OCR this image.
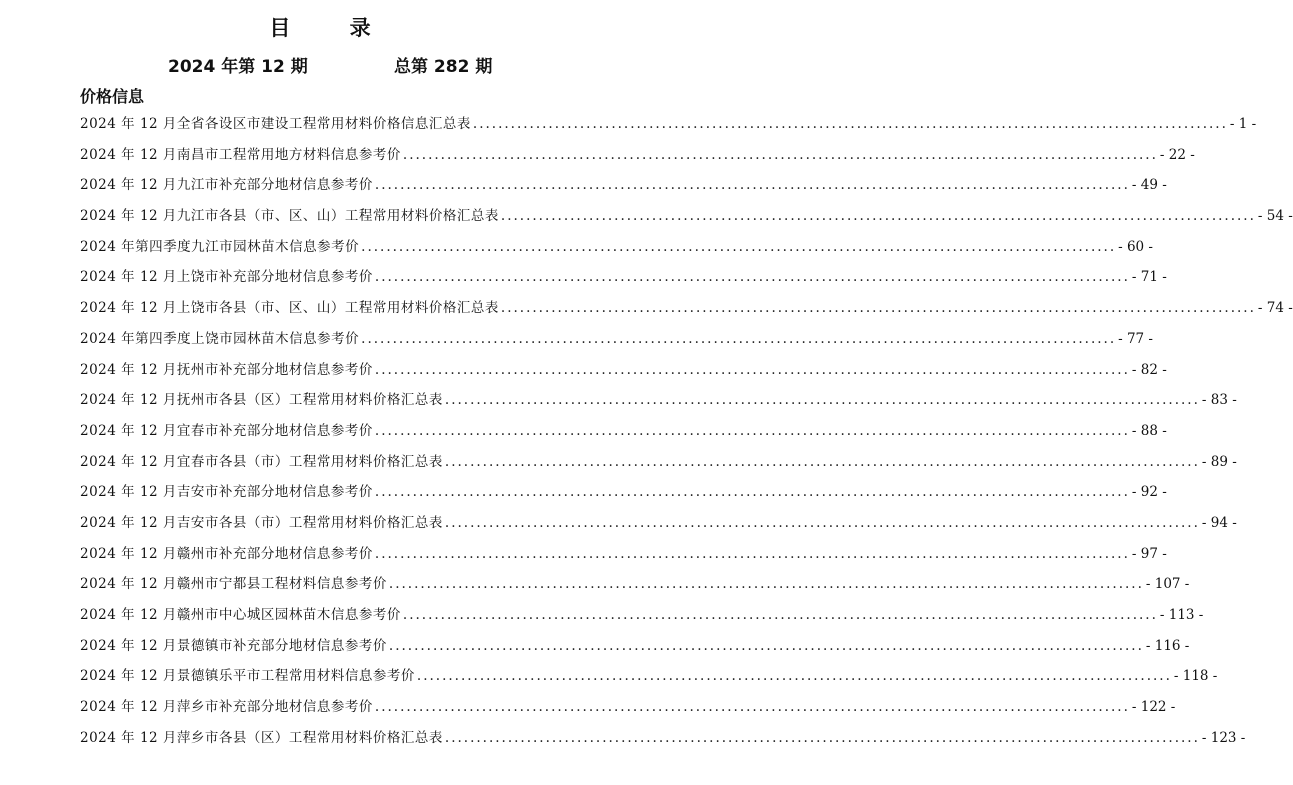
目 录
2024 年第 12 期	总第 282 期
价格信息
2024 年 12 月全省各设区市建设工程常用材料价格信息汇总表 ........................................................................................................................ - 1 -
2024 年 12 月南昌市工程常用地方材料信息参考价 ........................................................................................................................ - 22 -
2024 年 12 月九江市补充部分地材信息参考价 ........................................................................................................................ - 49 -
2024 年 12 月九江市各县（市、区、山）工程常用材料价格汇总表 ........................................................................................................................ - 54 -
2024 年第四季度九江市园林苗木信息参考价 ........................................................................................................................ - 60 -
2024 年 12 月上饶市补充部分地材信息参考价 ........................................................................................................................ - 71 -
2024 年 12 月上饶市各县（市、区、山）工程常用材料价格汇总表 ........................................................................................................................ - 74 -
2024 年第四季度上饶市园林苗木信息参考价 ........................................................................................................................ - 77 -
2024 年 12 月抚州市补充部分地材信息参考价 ........................................................................................................................ - 82 -
2024 年 12 月抚州市各县（区）工程常用材料价格汇总表 ........................................................................................................................ - 83 -
2024 年 12 月宜春市补充部分地材信息参考价 ........................................................................................................................ - 88 -
2024 年 12 月宜春市各县（市）工程常用材料价格汇总表 ........................................................................................................................ - 89 -
2024 年 12 月吉安市补充部分地材信息参考价 ........................................................................................................................ - 92 -
2024 年 12 月吉安市各县（市）工程常用材料价格汇总表 ........................................................................................................................ - 94 -
2024 年 12 月赣州市补充部分地材信息参考价 ........................................................................................................................ - 97 -
2024 年 12 月赣州市宁都县工程材料信息参考价 ........................................................................................................................ - 107 -
2024 年 12 月赣州市中心城区园林苗木信息参考价 ........................................................................................................................ - 113 -
2024 年 12 月景德镇市补充部分地材信息参考价 ........................................................................................................................ - 116 -
2024 年 12 月景德镇乐平市工程常用材料信息参考价 ........................................................................................................................ - 118 -
2024 年 12 月萍乡市补充部分地材信息参考价 ........................................................................................................................ - 122 -
2024 年 12 月萍乡市各县（区）工程常用材料价格汇总表 ........................................................................................................................ - 123 -
